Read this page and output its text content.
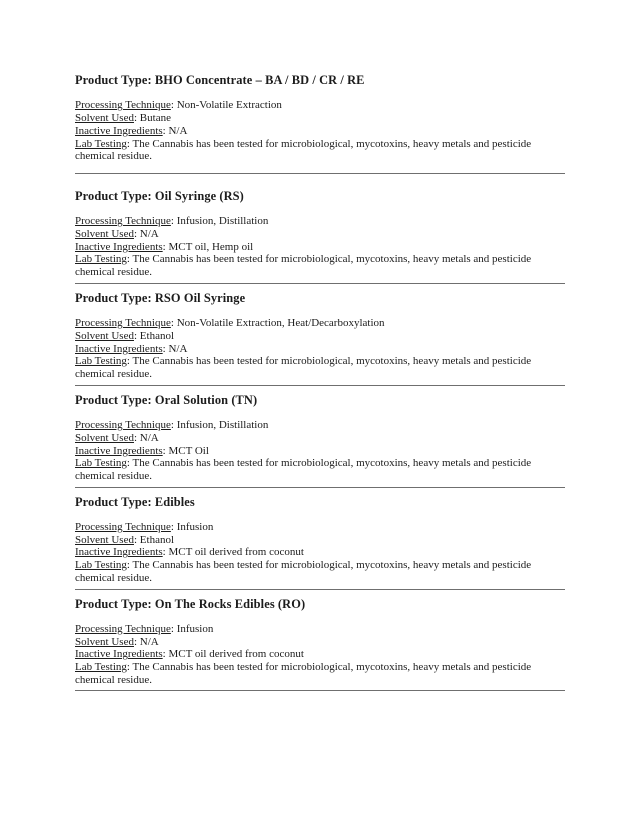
Product Type: BHO Concentrate – BA / BD / CR / RE
Processing Technique: Non-Volatile Extraction
Solvent Used: Butane
Inactive Ingredients: N/A
Lab Testing: The Cannabis has been tested for microbiological, mycotoxins, heavy metals and pesticide chemical residue.
Product Type: Oil Syringe (RS)
Processing Technique: Infusion, Distillation
Solvent Used: N/A
Inactive Ingredients: MCT oil, Hemp oil
Lab Testing: The Cannabis has been tested for microbiological, mycotoxins, heavy metals and pesticide chemical residue.
Product Type: RSO Oil Syringe
Processing Technique: Non-Volatile Extraction, Heat/Decarboxylation
Solvent Used: Ethanol
Inactive Ingredients: N/A
Lab Testing: The Cannabis has been tested for microbiological, mycotoxins, heavy metals and pesticide chemical residue.
Product Type: Oral Solution (TN)
Processing Technique: Infusion, Distillation
Solvent Used: N/A
Inactive Ingredients: MCT Oil
Lab Testing: The Cannabis has been tested for microbiological, mycotoxins, heavy metals and pesticide chemical residue.
Product Type: Edibles
Processing Technique: Infusion
Solvent Used: Ethanol
Inactive Ingredients: MCT oil derived from coconut
Lab Testing: The Cannabis has been tested for microbiological, mycotoxins, heavy metals and pesticide chemical residue.
Product Type: On The Rocks Edibles (RO)
Processing Technique: Infusion
Solvent Used: N/A
Inactive Ingredients: MCT oil derived from coconut
Lab Testing: The Cannabis has been tested for microbiological, mycotoxins, heavy metals and pesticide chemical residue.
